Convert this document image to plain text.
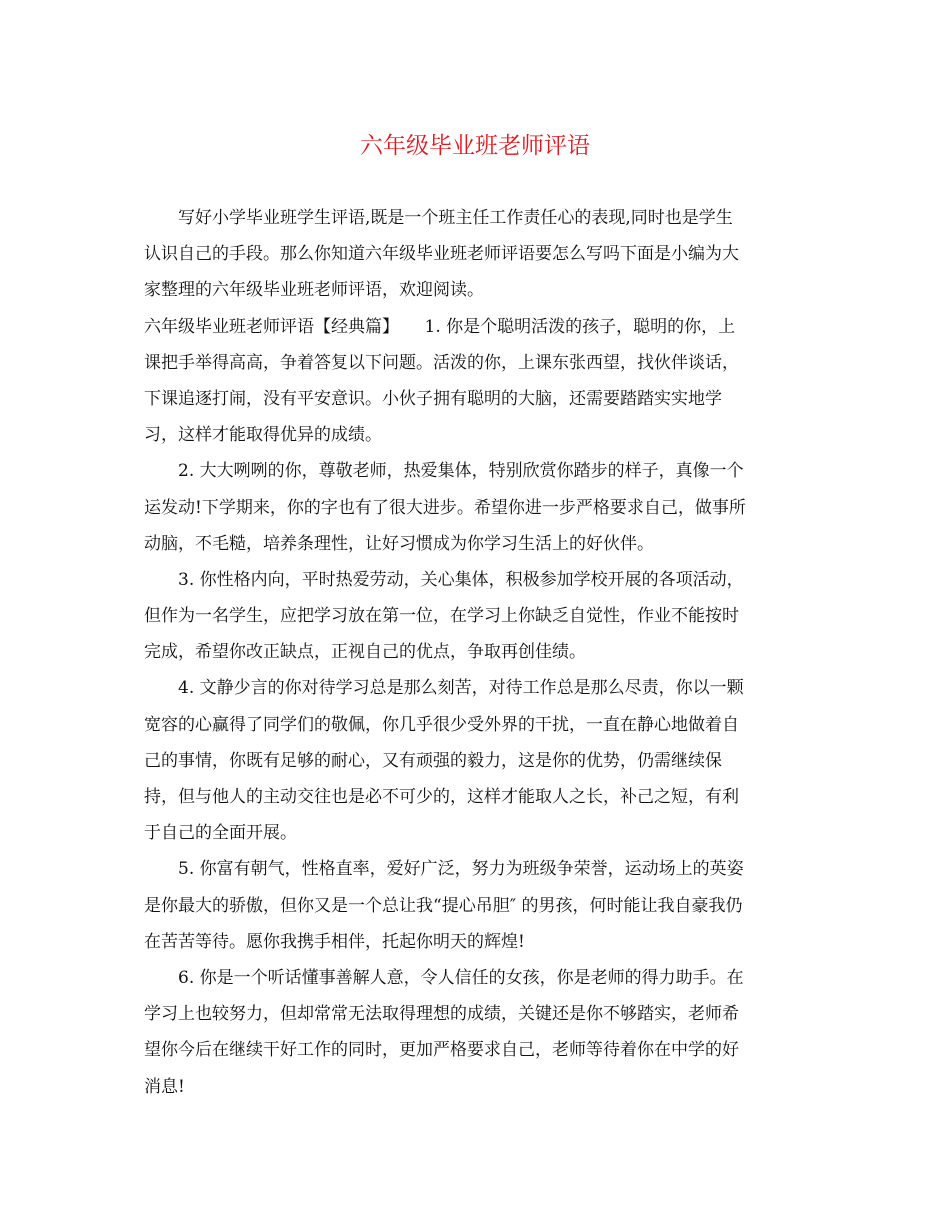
六年级毕业班老师评语
写好小学毕业班学生评语,既是一个班主任工作责任心的表现,同时也是学生
认识自己的手段。那么你知道六年级毕业班老师评语要怎么写吗下面是小编为大
家整理的六年级毕业班老师评语，欢迎阅读。
六年级毕业班老师评语【经典篇】　　1. 你是个聪明活泼的孩子，聪明的你，上
课把手举得高高，争着答复以下问题。活泼的你，上课东张西望，找伙伴谈话，
下课追逐打闹，没有平安意识。小伙子拥有聪明的大脑，还需要踏踏实实地学
习，这样才能取得优异的成绩。
2. 大大咧咧的你，尊敬老师，热爱集体，特别欣赏你踏步的样子，真像一个
运发动!下学期来，你的字也有了很大进步。希望你进一步严格要求自己，做事所
动脑，不毛糙，培养条理性，让好习惯成为你学习生活上的好伙伴。
3. 你性格内向，平时热爱劳动，关心集体，积极参加学校开展的各项活动，
但作为一名学生，应把学习放在第一位，在学习上你缺乏自觉性，作业不能按时
完成，希望你改正缺点，正视自己的优点，争取再创佳绩。
4. 文静少言的你对待学习总是那么刻苦，对待工作总是那么尽责，你以一颗
宽容的心赢得了同学们的敬佩，你几乎很少受外界的干扰，一直在静心地做着自
己的事情，你既有足够的耐心，又有顽强的毅力，这是你的优势，仍需继续保
持，但与他人的主动交往也是必不可少的，这样才能取人之长，补己之短，有利
于自己的全面开展。
5. 你富有朝气，性格直率，爱好广泛，努力为班级争荣誉，运动场上的英姿
是你最大的骄傲，但你又是一个总让我“提心吊胆″ 的男孩，何时能让我自豪我仍
在苦苦等待。愿你我携手相伴，托起你明天的辉煌!
6. 你是一个听话懂事善解人意，令人信任的女孩，你是老师的得力助手。在
学习上也较努力，但却常常无法取得理想的成绩，关键还是你不够踏实，老师希
望你今后在继续干好工作的同时，更加严格要求自己，老师等待着你在中学的好
消息!
